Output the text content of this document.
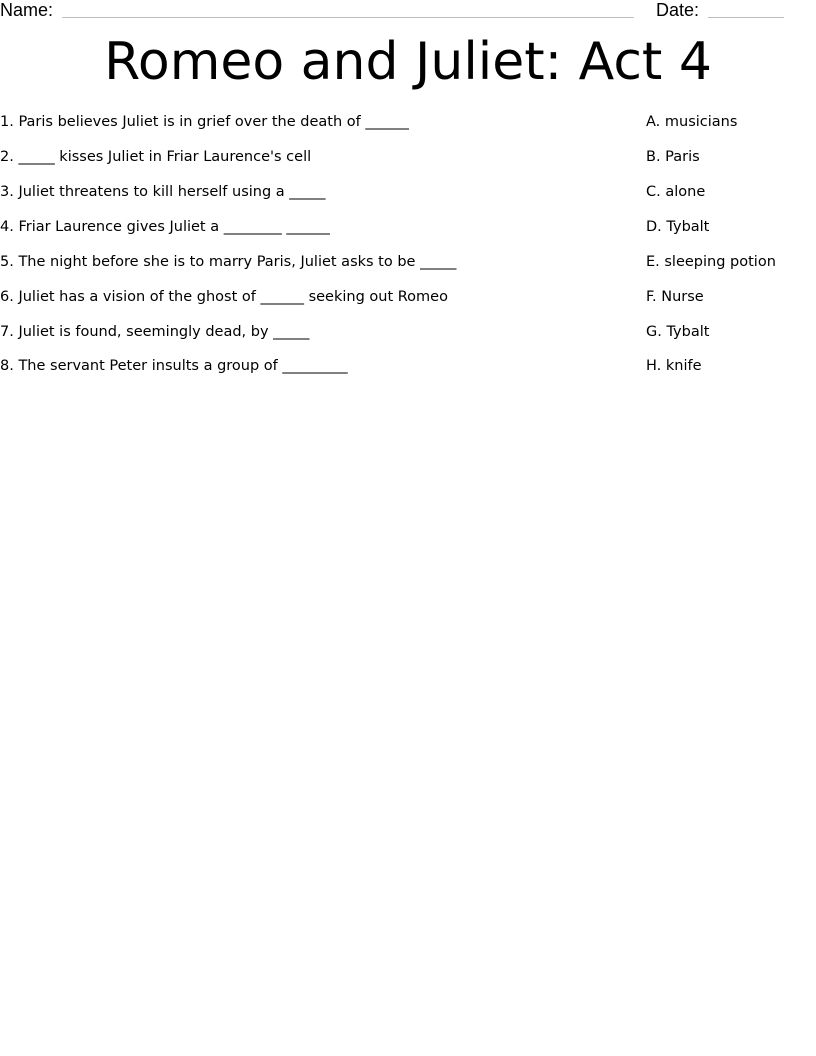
Name:	Date:
Romeo and Juliet: Act 4
1. Paris believes Juliet is in grief over the death of ______
2. _____ kisses Juliet in Friar Laurence's cell
3. Juliet threatens to kill herself using a _____
4. Friar Laurence gives Juliet a ________ ______
5. The night before she is to marry Paris, Juliet asks to be _____
6. Juliet has a vision of the ghost of ______ seeking out Romeo
7. Juliet is found, seemingly dead, by _____
8. The servant Peter insults a group of _________
A. musicians
B. Paris
C. alone
D. Tybalt
E. sleeping potion
F. Nurse
G. Tybalt
H. knife
